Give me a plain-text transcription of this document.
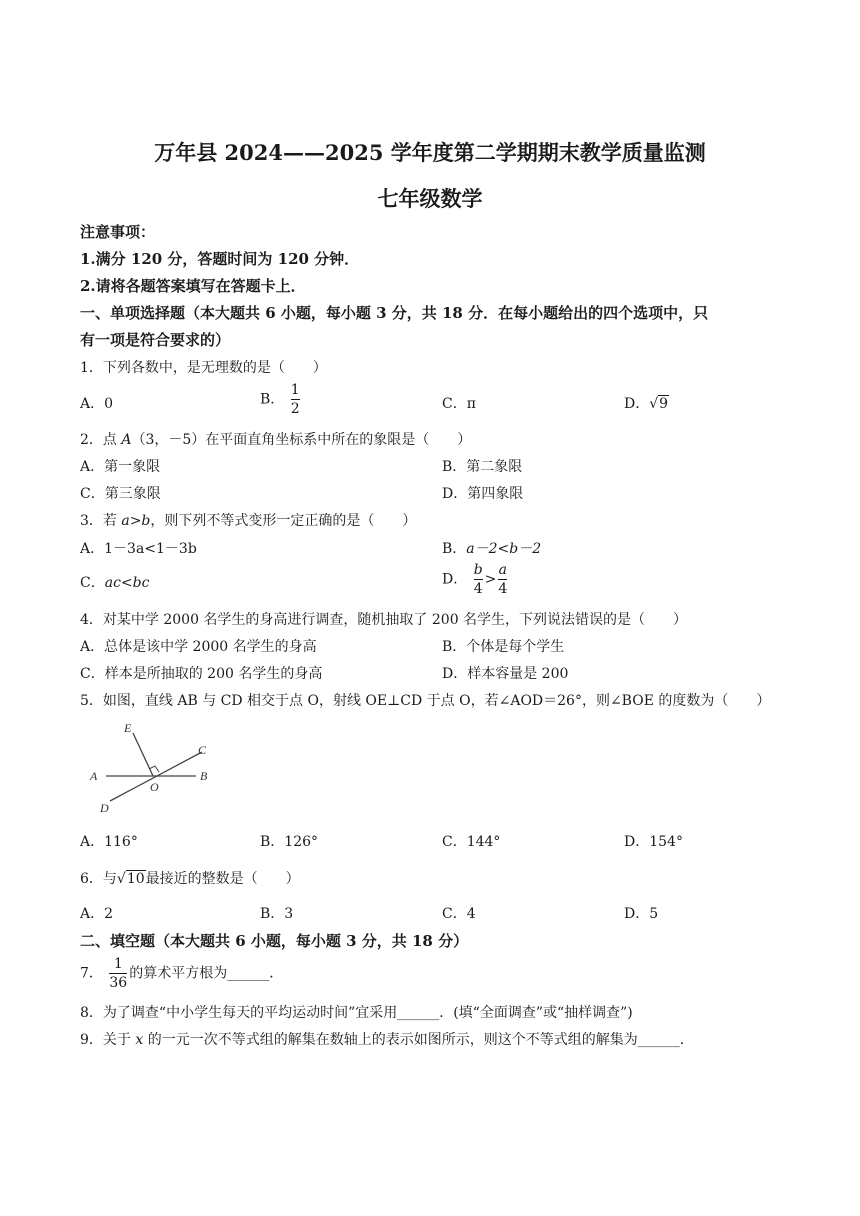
万年县 2024——2025 学年度第二学期期末教学质量监测
七年级数学
注意事项：
1.满分 120 分，答题时间为 120 分钟．
2.请将各题答案填写在答题卡上．
一、单项选择题（本大题共 6 小题，每小题 3 分，共 18 分．在每小题给出的四个选项中，只
有一项是符合要求的）
1．下列各数中，是无理数的是（　　）
A．0	B． $\frac{1}{2}$	C．π	D．√9
2．点 A（3，－5）在平面直角坐标系中所在的象限是（　　）
A．第一象限	B．第二象限
C．第三象限	D．第四象限
3．若 a>b，则下列不等式变形一定正确的是（　　）
A．1－3a<1－3b	B．a－2<b－2
C．ac<bc	D． $\frac{b}{4} > \frac{a}{4}$
4．对某中学 2000 名学生的身高进行调查，随机抽取了 200 名学生，下列说法错误的是（　　）
A．总体是该中学 2000 名学生的身高	B．个体是每个学生
C．样本是所抽取的 200 名学生的身高	D．样本容量是 200
5．如图，直线 AB 与 CD 相交于点 O，射线 OE⊥CD 于点 O，若∠AOD＝26°，则∠BOE 的度数为（　　）
E
C
A
O
B
D
A．116°	B．126°	C．144°	D．154°
6．与√10最接近的整数是（　　）
A．2	B．3	C．4	D．5
二、填空题（本大题共 6 小题，每小题 3 分，共 18 分）
7． $\frac{1}{36}$ 的算术平方根为______．
8．为了调查“中小学生每天的平均运动时间”宜采用______．(填“全面调查”或“抽样调查”)
9．关于 x 的一元一次不等式组的解集在数轴上的表示如图所示，则这个不等式组的解集为______．
